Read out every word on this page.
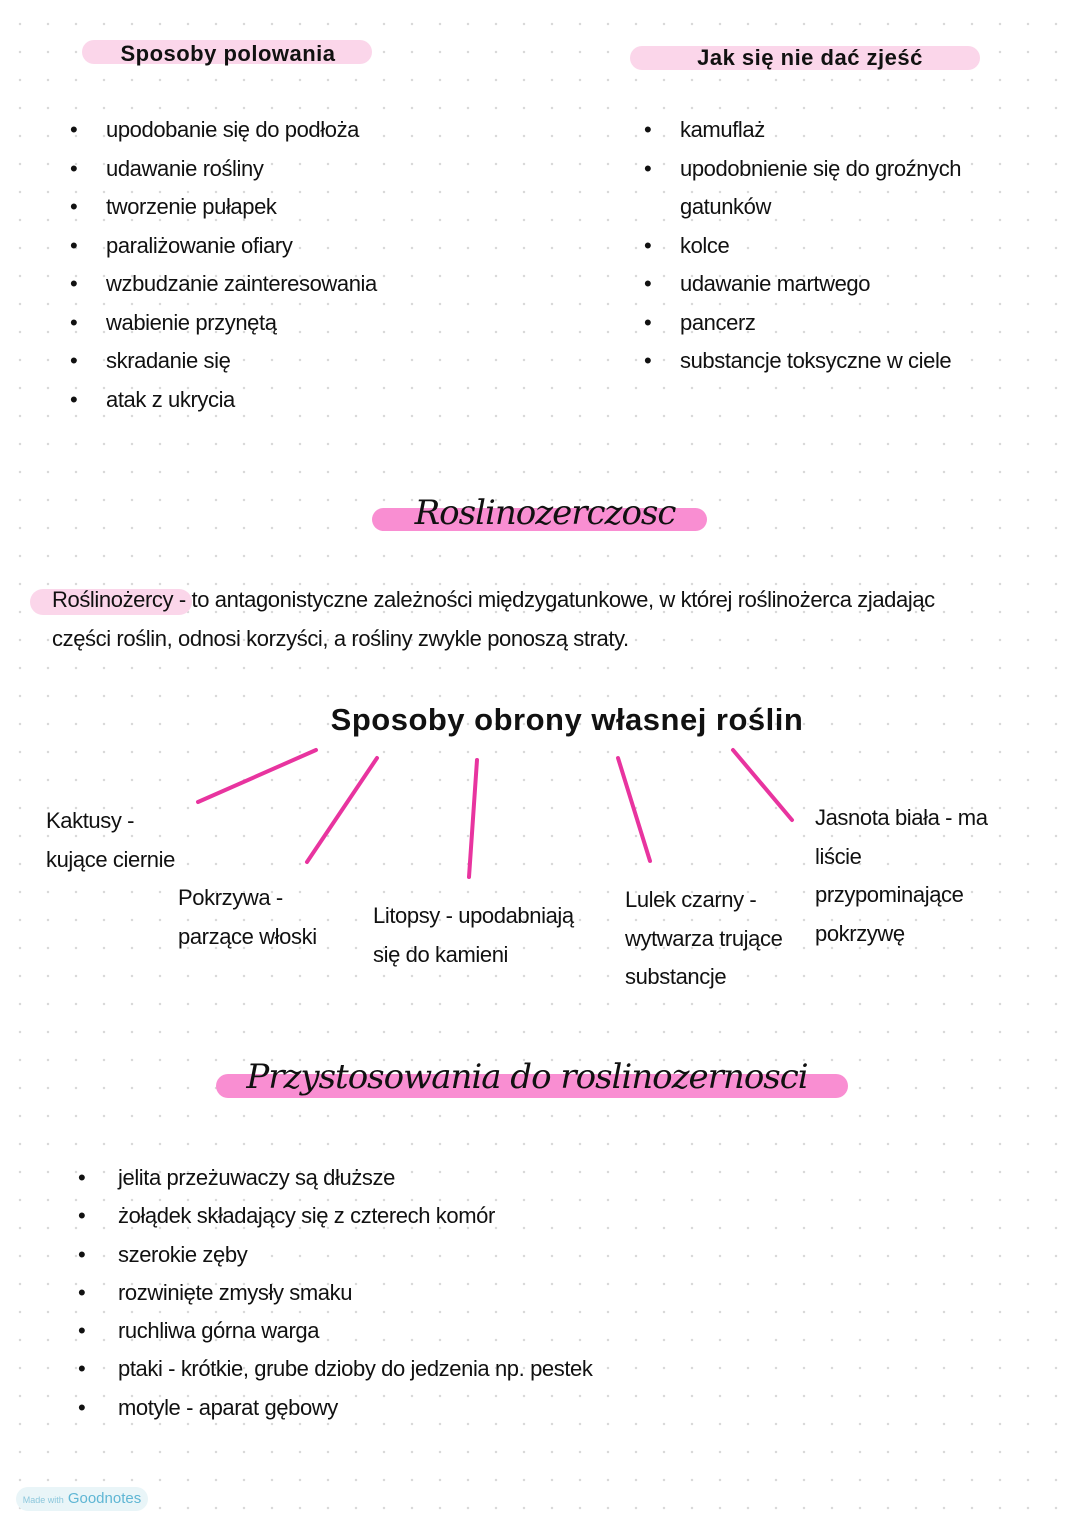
Sposoby polowania	Jak się nie dać zjeść
• upodobanie się do podłoża
• udawanie rośliny
• tworzenie pułapek
• paraliżowanie ofiary
• wzbudzanie zainteresowania
• wabienie przynętą
• skradanie się
• atak z ukrycia
• kamuflaż
• upodobnienie się do groźnych gatunków
• kolce
• udawanie martwego
• pancerz
• substancje toksyczne w ciele
Roslinozerczosc
Roślinożercy - to antagonistyczne zależności międzygatunkowe, w której roślinożerca zjadając
części roślin, odnosi korzyści, a rośliny zwykle ponoszą straty.
Sposoby obrony własnej roślin
Kaktusy -
kujące ciernie
Pokrzywa -
parzące włoski
Litopsy - upodabniają
się do kamieni
Lulek czarny -
wytwarza trujące
substancje
Jasnota biała - ma
liście
przypominające
pokrzywę
Przystosowania do roslinozernosci
• jelita przeżuwaczy są dłuższe
• żołądek składający się z czterech komór
• szerokie zęby
• rozwinięte zmysły smaku
• ruchliwa górna warga
• ptaki - krótkie, grube dzioby do jedzenia np. pestek
• motyle - aparat gębowy
Made with Goodnotes
